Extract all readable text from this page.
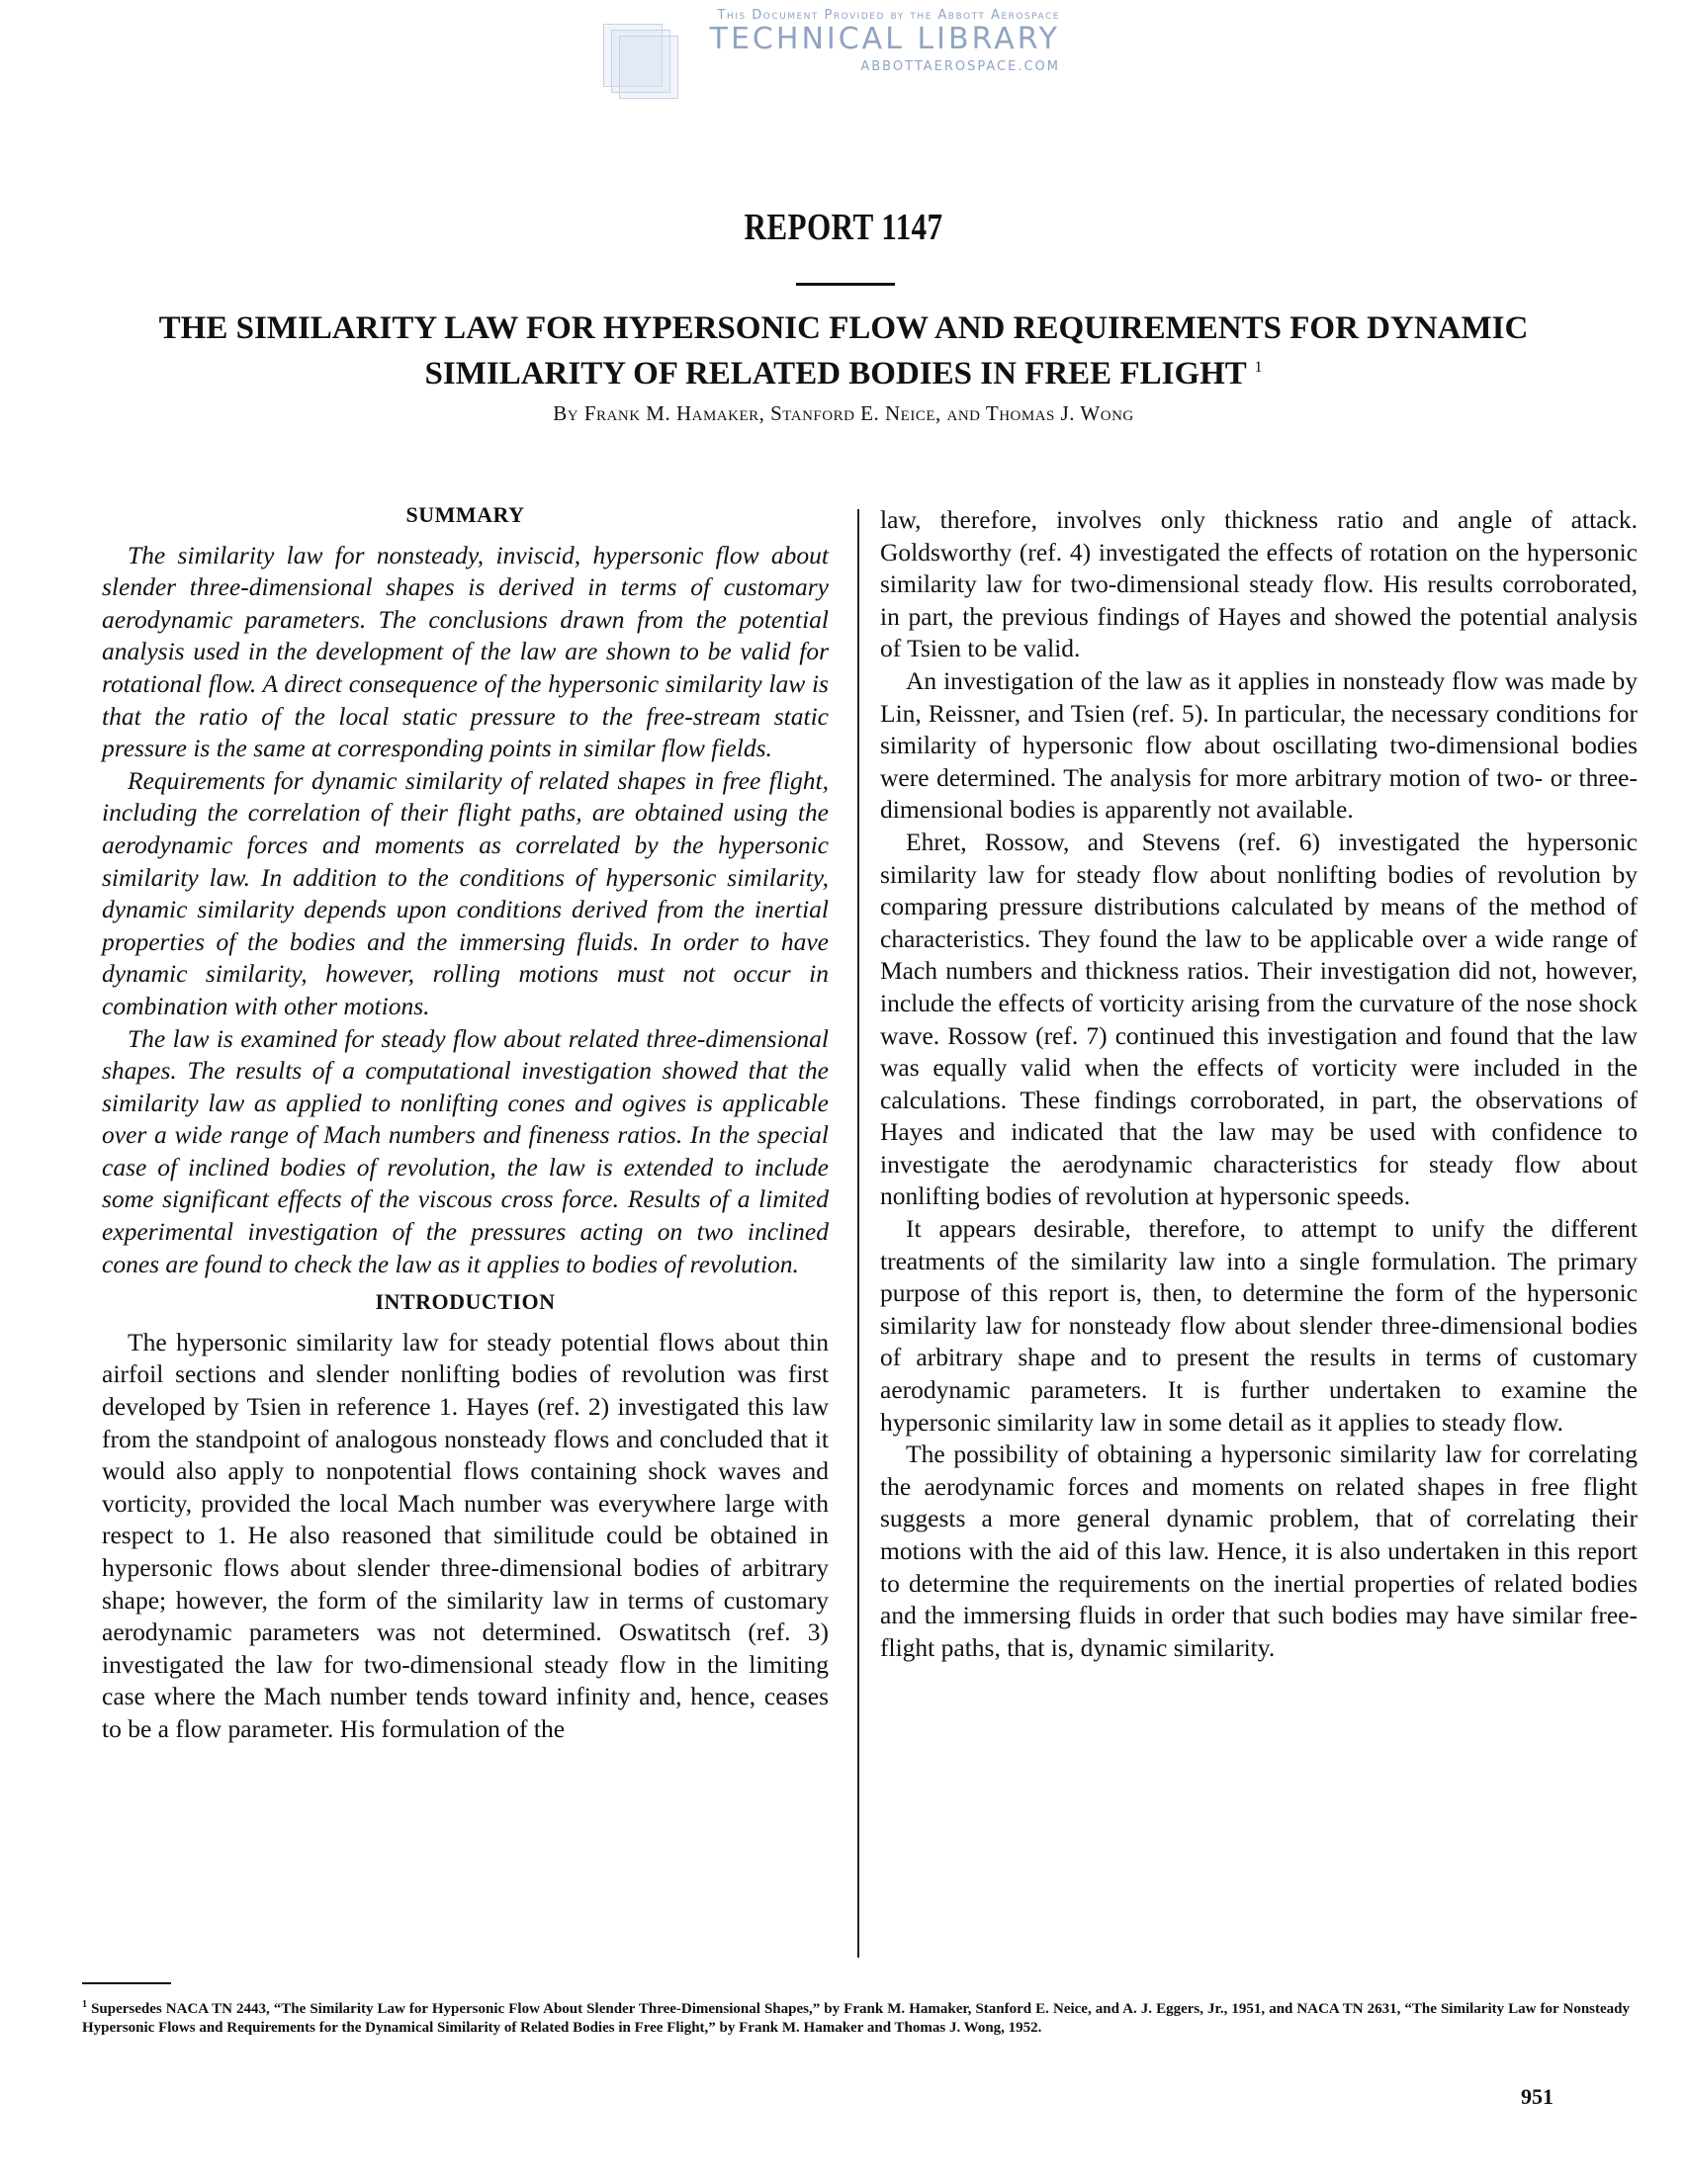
This Document Provided by the Abbott Aerospace
TECHNICAL LIBRARY
ABBOTTAEROSPACE.COM
REPORT 1147
THE SIMILARITY LAW FOR HYPERSONIC FLOW AND REQUIREMENTS FOR DYNAMIC SIMILARITY OF RELATED BODIES IN FREE FLIGHT $^1$
By Frank M. Hamaker, Stanford E. Neice, and Thomas J. Wong
SUMMARY

The similarity law for nonsteady, inviscid, hypersonic flow about slender three-dimensional shapes is derived in terms of customary aerodynamic parameters. The conclusions drawn from the potential analysis used in the development of the law are shown to be valid for rotational flow. A direct consequence of the hypersonic similarity law is that the ratio of the local static pressure to the free-stream static pressure is the same at corresponding points in similar flow fields.

Requirements for dynamic similarity of related shapes in free flight, including the correlation of their flight paths, are obtained using the aerodynamic forces and moments as correlated by the hypersonic similarity law. In addition to the conditions of hypersonic similarity, dynamic similarity depends upon conditions derived from the inertial properties of the bodies and the immersing fluids. In order to have dynamic similarity, however, rolling motions must not occur in combination with other motions.

The law is examined for steady flow about related three-dimensional shapes. The results of a computational investigation showed that the similarity law as applied to nonlifting cones and ogives is applicable over a wide range of Mach numbers and fineness ratios. In the special case of inclined bodies of revolution, the law is extended to include some significant effects of the viscous cross force. Results of a limited experimental investigation of the pressures acting on two inclined cones are found to check the law as it applies to bodies of revolution.

INTRODUCTION

The hypersonic similarity law for steady potential flows about thin airfoil sections and slender nonlifting bodies of revolution was first developed by Tsien in reference 1. Hayes (ref. 2) investigated this law from the standpoint of analogous nonsteady flows and concluded that it would also apply to nonpotential flows containing shock waves and vorticity, provided the local Mach number was everywhere large with respect to 1. He also reasoned that similitude could be obtained in hypersonic flows about slender three-dimensional bodies of arbitrary shape; however, the form of the similarity law in terms of customary aerodynamic parameters was not determined. Oswatitsch (ref. 3) investigated the law for two-dimensional steady flow in the limiting case where the Mach number tends toward infinity and, hence, ceases to be a flow parameter. His formulation of the

law, therefore, involves only thickness ratio and angle of attack. Goldsworthy (ref. 4) investigated the effects of rotation on the hypersonic similarity law for two-dimensional steady flow. His results corroborated, in part, the previous findings of Hayes and showed the potential analysis of Tsien to be valid.

An investigation of the law as it applies in nonsteady flow was made by Lin, Reissner, and Tsien (ref. 5). In particular, the necessary conditions for similarity of hypersonic flow about oscillating two-dimensional bodies were determined. The analysis for more arbitrary motion of two- or three-dimensional bodies is apparently not available.

Ehret, Rossow, and Stevens (ref. 6) investigated the hypersonic similarity law for steady flow about nonlifting bodies of revolution by comparing pressure distributions calculated by means of the method of characteristics. They found the law to be applicable over a wide range of Mach numbers and thickness ratios. Their investigation did not, however, include the effects of vorticity arising from the curvature of the nose shock wave. Rossow (ref. 7) continued this investigation and found that the law was equally valid when the effects of vorticity were included in the calculations. These findings corroborated, in part, the observations of Hayes and indicated that the law may be used with confidence to investigate the aerodynamic characteristics for steady flow about nonlifting bodies of revolution at hypersonic speeds.

It appears desirable, therefore, to attempt to unify the different treatments of the similarity law into a single formulation. The primary purpose of this report is, then, to determine the form of the hypersonic similarity law for nonsteady flow about slender three-dimensional bodies of arbitrary shape and to present the results in terms of customary aerodynamic parameters. It is further undertaken to examine the hypersonic similarity law in some detail as it applies to steady flow.

The possibility of obtaining a hypersonic similarity law for correlating the aerodynamic forces and moments on related shapes in free flight suggests a more general dynamic problem, that of correlating their motions with the aid of this law. Hence, it is also undertaken in this report to determine the requirements on the inertial properties of related bodies and the immersing fluids in order that such bodies may have similar free-flight paths, that is, dynamic similarity.

$^1$ Supersedes NACA TN 2443, “The Similarity Law for Hypersonic Flow About Slender Three-Dimensional Shapes,” by Frank M. Hamaker, Stanford E. Neice, and A. J. Eggers, Jr., 1951, and NACA TN 2631, “The Similarity Law for Nonsteady Hypersonic Flows and Requirements for the Dynamical Similarity of Related Bodies in Free Flight,” by Frank M. Hamaker and Thomas J. Wong, 1952.
951
